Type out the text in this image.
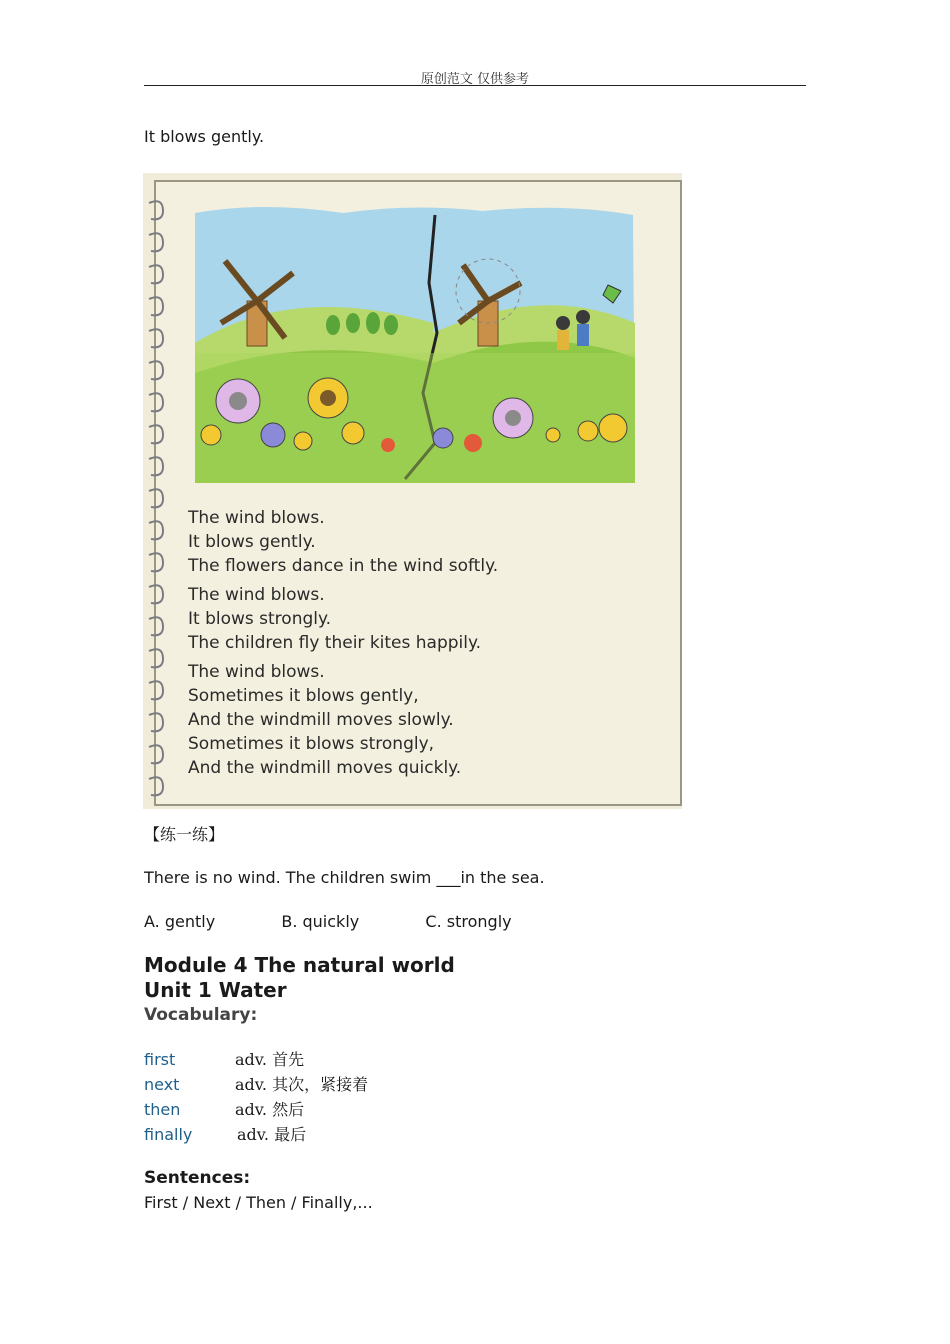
原创范文 仅供参考
It blows gently.
The wind blows.
It blows gently.
The flowers dance in the wind softly.
The wind blows.
It blows strongly.
The children fly their kites happily.
The wind blows.
Sometimes it blows gently,
And the windmill moves slowly.
Sometimes it blows strongly,
And the windmill moves quickly.
【练一练】
There is no wind. The children swim ___in the sea.
A. gently	B. quickly	C. strongly
Module 4 The natural world
Unit 1 Water
Vocabulary:
first	adv. 首先
next	adv. 其次，紧接着
then	adv. 然后
finally	adv. 最后
Sentences:
First / Next / Then / Finally,...
